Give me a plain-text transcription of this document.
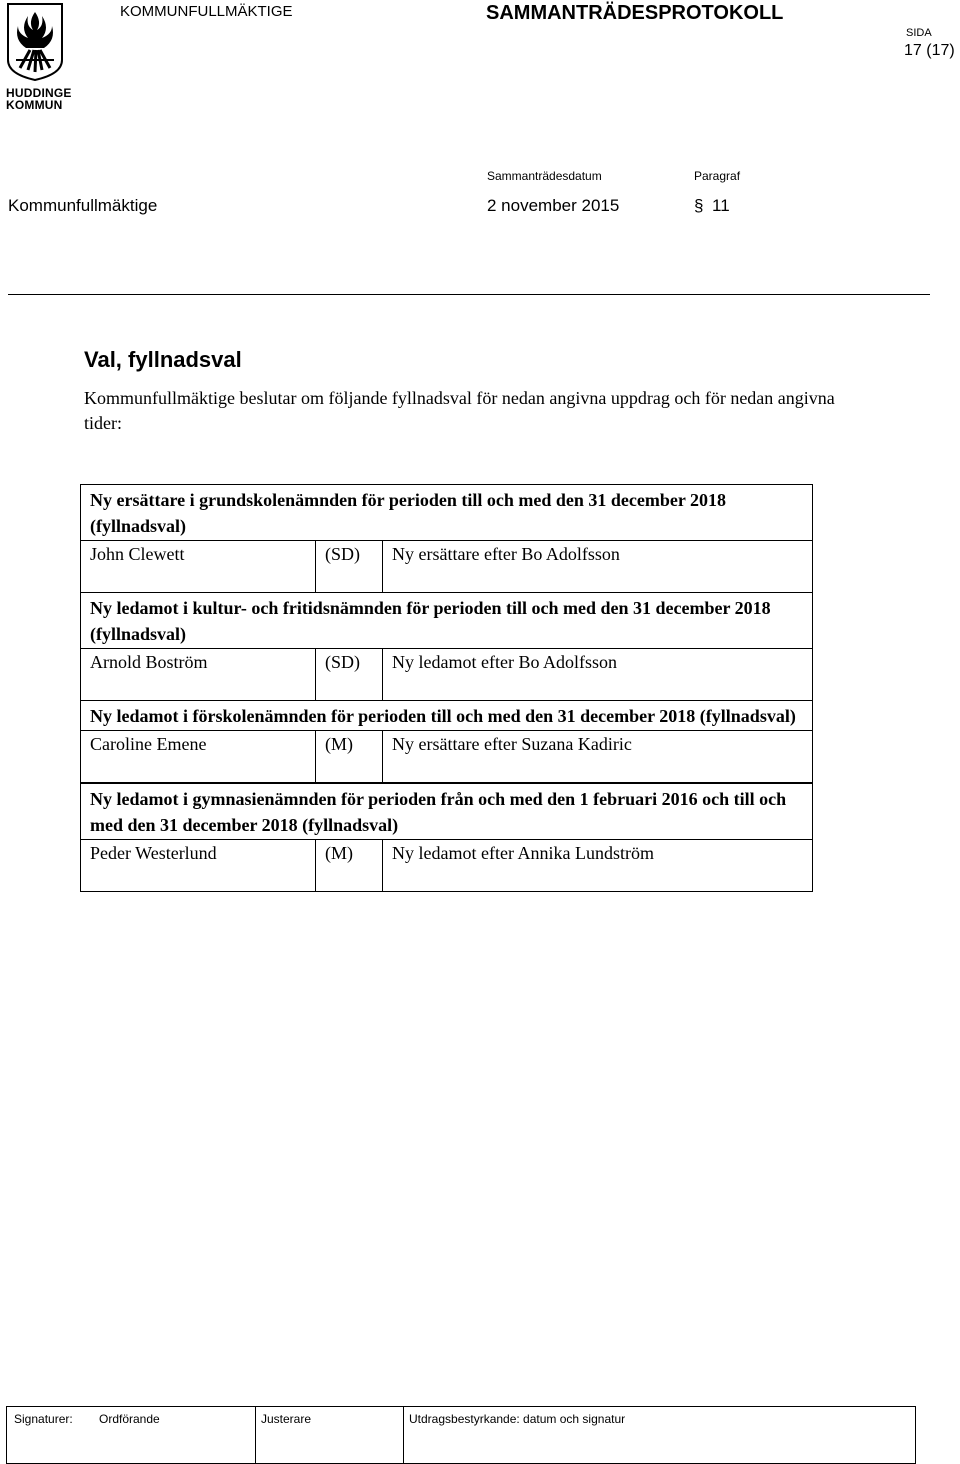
HUDDINGE
KOMMUN
KOMMUNFULLMÄKTIGE	SAMMANTRÄDESPROTOKOLL
SIDA
17 (17)
Sammanträdesdatum	Paragraf
Kommunfullmäktige	2 november 2015	§ 11
Val, fyllnadsval
Kommunfullmäktige beslutar om följande fyllnadsval för nedan angivna uppdrag och för nedan angivna tider:
Ny ersättare i grundskolenämnden för perioden till och med den 31 december 2018 (fyllnadsval)		
John Clewett	(SD)	Ny ersättare efter Bo Adolfsson
Ny ledamot i kultur- och fritidsnämnden för perioden till och med den 31 december 2018 (fyllnadsval)		
Arnold Boström	(SD)	Ny ledamot efter Bo Adolfsson
Ny ledamot i förskolenämnden för perioden till och med den 31 december 2018 (fyllnadsval)		
Caroline Emene	(M)	Ny ersättare efter Suzana Kadiric
Ny ledamot i gymnasienämnden för perioden från och med den 1 februari 2016 och till och med den 31 december 2018 (fyllnadsval)		
Peder Westerlund	(M)	Ny ledamot efter Annika Lundström
Signaturer: Ordförande	Justerare	Utdragsbestyrkande: datum och signatur
